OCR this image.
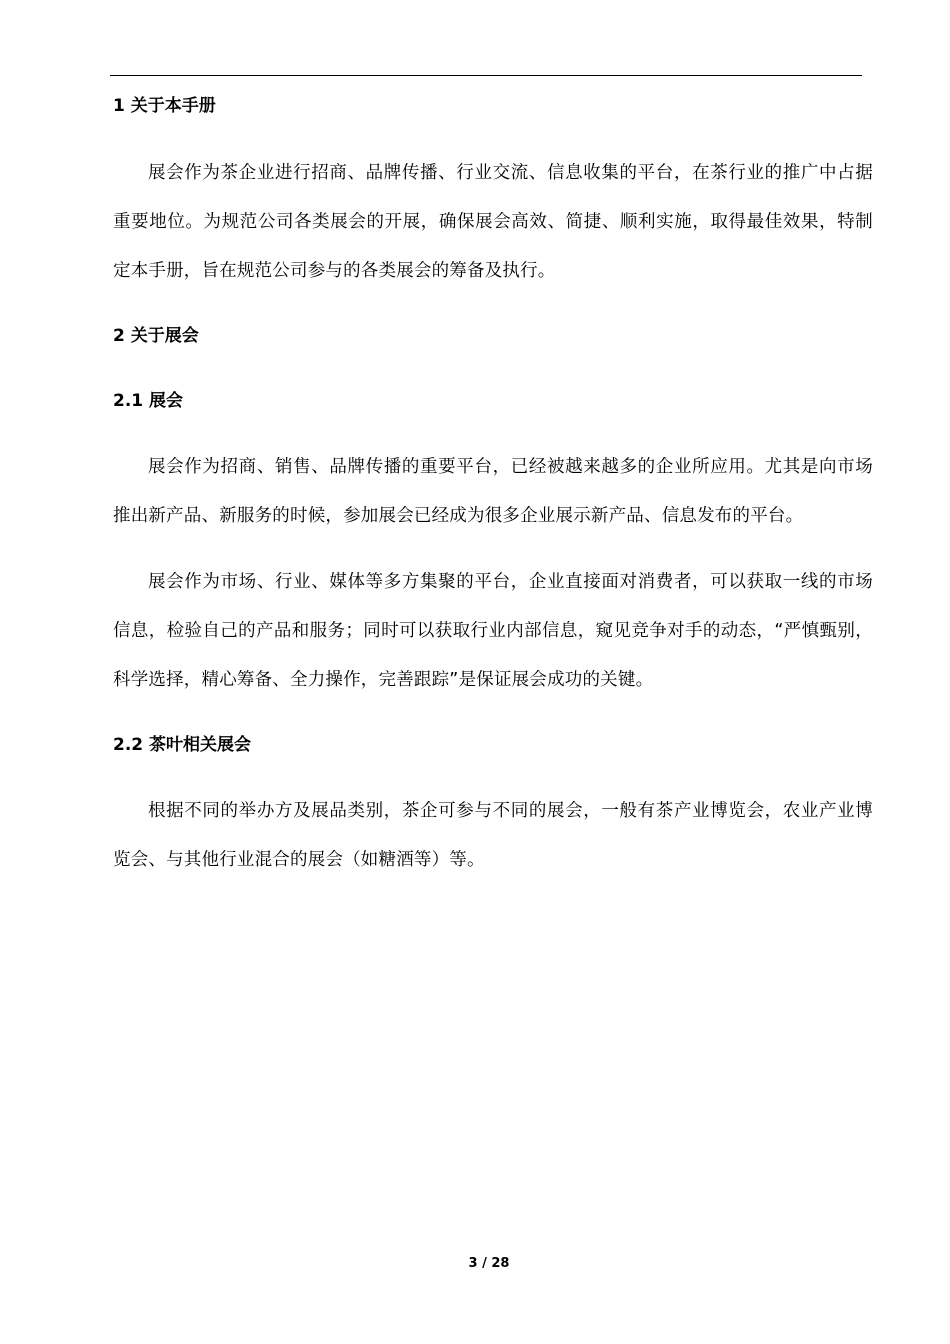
1 关于本手册

展会作为茶企业进行招商、品牌传播、行业交流、信息收集的平台，在茶行业的推广中占据重要地位。为规范公司各类展会的开展，确保展会高效、简捷、顺利实施，取得最佳效果，特制定本手册，旨在规范公司参与的各类展会的筹备及执行。

2 关于展会
2.1 展会

展会作为招商、销售、品牌传播的重要平台，已经被越来越多的企业所应用。尤其是向市场推出新产品、新服务的时候，参加展会已经成为很多企业展示新产品、信息发布的平台。

展会作为市场、行业、媒体等多方集聚的平台，企业直接面对消费者，可以获取一线的市场信息，检验自己的产品和服务；同时可以获取行业内部信息，窥见竞争对手的动态，“严慎甄别，科学选择，精心筹备、全力操作，完善跟踪”是保证展会成功的关键。

2.2 茶叶相关展会

根据不同的举办方及展品类别，茶企可参与不同的展会，一般有茶产业博览会，农业产业博览会、与其他行业混合的展会（如糖酒等）等。

3 / 28
